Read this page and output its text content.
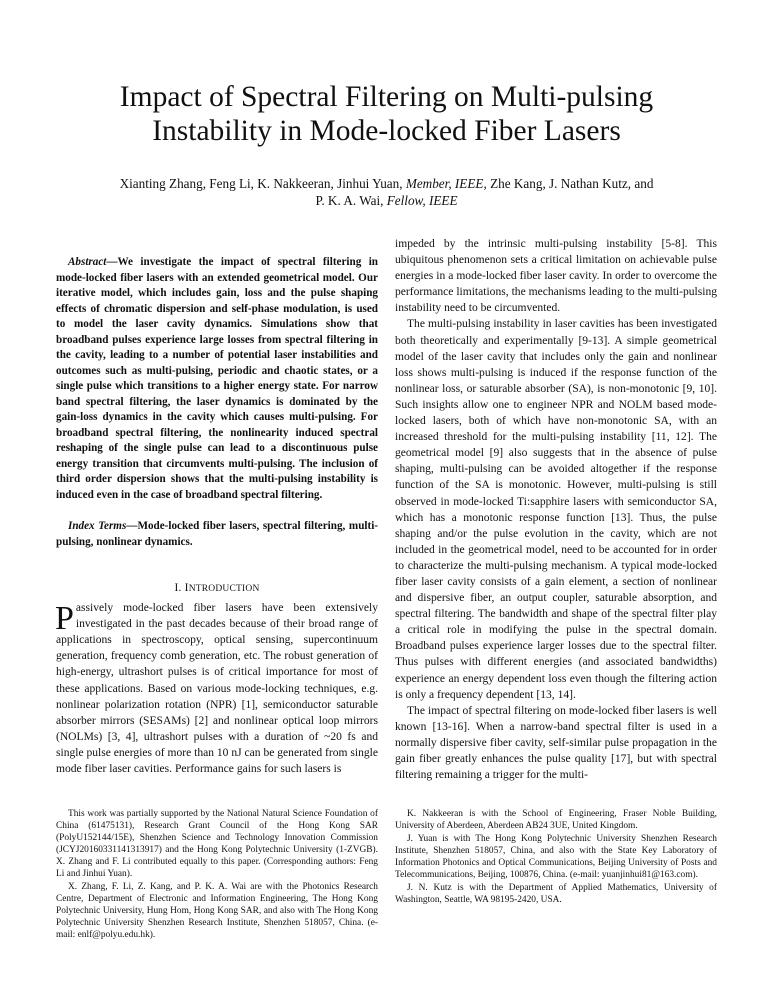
Impact of Spectral Filtering on Multi-pulsing
Instability in Mode-locked Fiber Lasers
Xianting Zhang, Feng Li, K. Nakkeeran, Jinhui Yuan, Member, IEEE, Zhe Kang, J. Nathan Kutz, and
P. K. A. Wai, Fellow, IEEE

Abstract—We investigate the impact of spectral filtering in mode-locked fiber lasers with an extended geometrical model. Our iterative model, which includes gain, loss and the pulse shaping effects of chromatic dispersion and self-phase modulation, is used to model the laser cavity dynamics. Simulations show that broadband pulses experience large losses from spectral filtering in the cavity, leading to a number of potential laser instabilities and outcomes such as multi-pulsing, periodic and chaotic states, or a single pulse which transitions to a higher energy state. For narrow band spectral filtering, the laser dynamics is dominated by the gain-loss dynamics in the cavity which causes multi-pulsing. For broadband spectral filtering, the nonlinearity induced spectral reshaping of the single pulse can lead to a discontinuous pulse energy transition that circumvents multi-pulsing. The inclusion of third order dispersion shows that the multi-pulsing instability is induced even in the case of broadband spectral filtering.

Index Terms—Mode-locked fiber lasers, spectral filtering, multi-pulsing, nonlinear dynamics.

I. INTRODUCTION

Passively mode-locked fiber lasers have been extensively investigated in the past decades because of their broad range of applications in spectroscopy, optical sensing, supercontinuum generation, frequency comb generation, etc. The robust generation of high-energy, ultrashort pulses is of critical importance for most of these applications. Based on various mode-locking techniques, e.g. nonlinear polarization rotation (NPR) [1], semiconductor saturable absorber mirrors (SESAMs) [2] and nonlinear optical loop mirrors (NOLMs) [3, 4], ultrashort pulses with a duration of ~20 fs and single pulse energies of more than 10 nJ can be generated from single mode fiber laser cavities. Performance gains for such lasers is

impeded by the intrinsic multi-pulsing instability [5-8]. This ubiquitous phenomenon sets a critical limitation on achievable pulse energies in a mode-locked fiber laser cavity. In order to overcome the performance limitations, the mechanisms leading to the multi-pulsing instability need to be circumvented.

The multi-pulsing instability in laser cavities has been investigated both theoretically and experimentally [9-13]. A simple geometrical model of the laser cavity that includes only the gain and nonlinear loss shows multi-pulsing is induced if the response function of the nonlinear loss, or saturable absorber (SA), is non-monotonic [9, 10]. Such insights allow one to engineer NPR and NOLM based mode-locked lasers, both of which have non-monotonic SA, with an increased threshold for the multi-pulsing instability [11, 12]. The geometrical model [9] also suggests that in the absence of pulse shaping, multi-pulsing can be avoided altogether if the response function of the SA is monotonic. However, multi-pulsing is still observed in mode-locked Ti:sapphire lasers with semiconductor SA, which has a monotonic response function [13]. Thus, the pulse shaping and/or the pulse evolution in the cavity, which are not included in the geometrical model, need to be accounted for in order to characterize the multi-pulsing mechanism. A typical mode-locked fiber laser cavity consists of a gain element, a section of nonlinear and dispersive fiber, an output coupler, saturable absorption, and spectral filtering. The bandwidth and shape of the spectral filter play a critical role in modifying the pulse in the spectral domain. Broadband pulses experience larger losses due to the spectral filter. Thus pulses with different energies (and associated bandwidths) experience an energy dependent loss even though the filtering action is only a frequency dependent [13, 14].

The impact of spectral filtering on mode-locked fiber lasers is well known [13-16]. When a narrow-band spectral filter is used in a normally dispersive fiber cavity, self-similar pulse propagation in the gain fiber greatly enhances the pulse quality [17], but with spectral filtering remaining a trigger for the multi-

This work was partially supported by the National Natural Science Foundation of China (61475131), Research Grant Council of the Hong Kong SAR (PolyU152144/15E), Shenzhen Science and Technology Innovation Commission (JCYJ20160331141313917) and the Hong Kong Polytechnic University (1-ZVGB). X. Zhang and F. Li contributed equally to this paper. (Corresponding authors: Feng Li and Jinhui Yuan).

X. Zhang, F. Li, Z. Kang, and P. K. A. Wai are with the Photonics Research Centre, Department of Electronic and Information Engineering, The Hong Kong Polytechnic University, Hung Hom, Hong Kong SAR, and also with The Hong Kong Polytechnic University Shenzhen Research Institute, Shenzhen 518057, China. (e-mail: enlf@polyu.edu.hk).

K. Nakkeeran is with the School of Engineering, Fraser Noble Building, University of Aberdeen, Aberdeen AB24 3UE, United Kingdom.

J. Yuan is with The Hong Kong Polytechnic University Shenzhen Research Institute, Shenzhen 518057, China, and also with the State Key Laboratory of Information Photonics and Optical Communications, Beijing University of Posts and Telecommunications, Beijing, 100876, China. (e-mail: yuanjinhui81@163.com).

J. N. Kutz is with the Department of Applied Mathematics, University of Washington, Seattle, WA 98195-2420, USA.
